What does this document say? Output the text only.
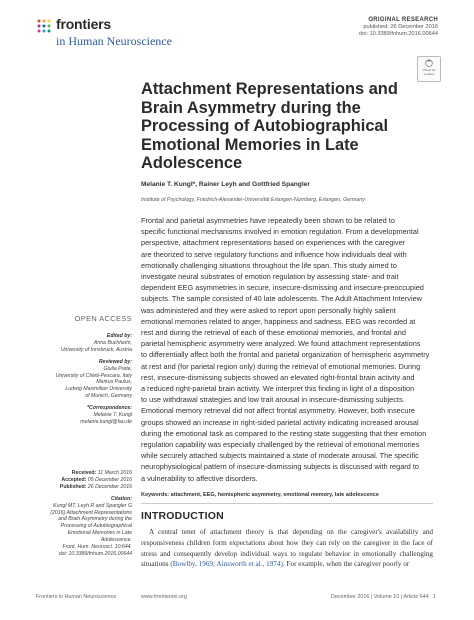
frontiers
in Human Neuroscience
ORIGINAL RESEARCH
published: 26 December 2016
doi: 10.3389/fnhum.2016.00644
Check for updates
Attachment Representations and
Brain Asymmetry during the
Processing of Autobiographical
Emotional Memories in Late
Adolescence
Melanie T. Kungl*, Rainer Leyh and Gottfried Spangler
Institute of Psychology, Friedrich-Alexander-Universität Erlangen-Nürnberg, Erlangen, Germany
Frontal and parietal asymmetries have repeatedly been shown to be related to
specific functional mechanisms involved in emotion regulation. From a developmental
perspective, attachment representations based on experiences with the caregiver
are theorized to serve regulatory functions and influence how individuals deal with
emotionally challenging situations throughout the life span. This study aimed to
investigate neural substrates of emotion regulation by assessing state- and trait
dependent EEG asymmetries in secure, insecure-dismissing and insecure-preoccupied
subjects. The sample consisted of 40 late adolescents. The Adult Attachment Interview
was administered and they were asked to report upon personally highly salient
emotional memories related to anger, happiness and sadness. EEG was recorded at
rest and during the retrieval of each of these emotional memories, and frontal and
parietal hemispheric asymmetry were analyzed. We found attachment representations
to differentially affect both the frontal and parietal organization of hemispheric asymmetry
at rest and (for parietal region only) during the retrieval of emotional memories. During
rest, insecure-dismissing subjects showed an elevated right-frontal brain activity and
a reduced right-parietal brain activity. We interpret this finding in light of a disposition
to use withdrawal strategies and low trait arousal in insecure-dismissing subjects.
Emotional memory retrieval did not affect frontal asymmetry. However, both insecure
groups showed an increase in right-sided parietal activity indicating increased arousal
during the emotional task as compared to the resting state suggesting that their emotion
regulation capability was especially challenged by the retrieval of emotional memories
while securely attached subjects maintained a state of moderate arousal. The specific
neurophysiological pattern of insecure-dismissing subjects is discussed with regard to
a vulnerability to affective disorders.
Keywords: attachment, EEG, hemispheric asymmetry, emotional memory, late adolescence
INTRODUCTION
A central tenet of attachment theory is that depending on the caregiver's availability and responsiveness children form expectations about how they can rely on the caregiver in the face of stress and consequently develop individual ways to regulate behavior in emotionally challenging situations (Bowlby, 1969; Ainsworth et al., 1974). For example, when the caregiver poorly or
OPEN ACCESS
Edited by:
Anna Buchheim,
University of Innsbruck, Austria
Reviewed by:
Giulia Prete,
University of Chieti-Pescara, Italy
Markus Paulus,
Ludwig Maximilian University
of Munich, Germany
*Correspondence:
Melanie T. Kungl
melanie.kungl@fau.de
Received: 11 March 2016
Accepted: 05 December 2016
Published: 26 December 2016
Citation:
Kungl MT, Leyh R and Spangler G
(2016) Attachment Representations
and Brain Asymmetry during the
Processing of Autobiographical
Emotional Memories in Late
Adolescence.
Front. Hum. Neurosci. 10:644.
doi: 10.3389/fnhum.2016.00644
Frontiers in Human Neuroscience	www.frontiersin.org	December 2016 | Volume 10 | Article 644 1
